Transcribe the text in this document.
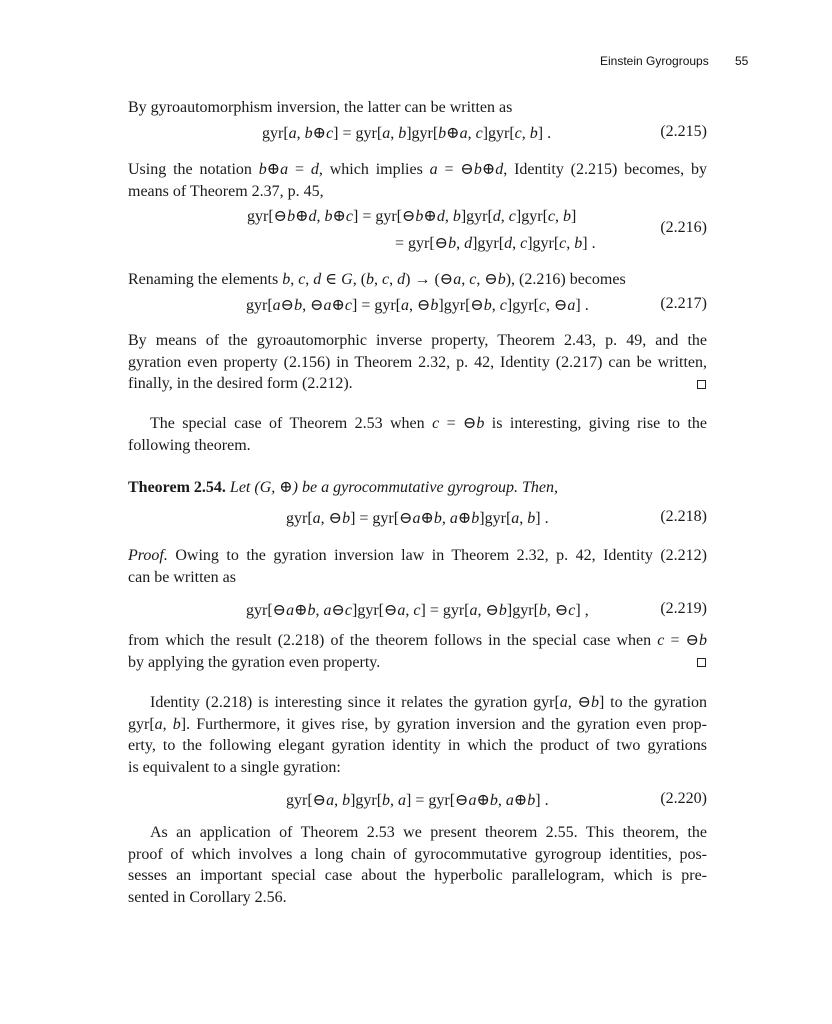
Einstein Gyrogroups 55
By gyroautomorphism inversion, the latter can be written as
gyr[a, b⊕c] = gyr[a, b]gyr[b⊕a, c]gyr[c, b] .	(2.215)
Using the notation b⊕a = d, which implies a = ⊖b⊕d, Identity (2.215) becomes, by
means of Theorem 2.37, p. 45,
gyr[⊖b⊕d, b⊕c] = gyr[⊖b⊕d, b]gyr[d, c]gyr[c, b]
= gyr[⊖b, d]gyr[d, c]gyr[c, b] .
(2.216)
Renaming the elements b, c, d ∈ G, (b, c, d) → (⊖a, c, ⊖b), (2.216) becomes
gyr[a⊖b, ⊖a⊕c] = gyr[a, ⊖b]gyr[⊖b, c]gyr[c, ⊖a] .	(2.217)
By means of the gyroautomorphic inverse property, Theorem 2.43, p. 49, and the
gyration even property (2.156) in Theorem 2.32, p. 42, Identity (2.217) can be written,
finally, in the desired form (2.212).
The special case of Theorem 2.53 when c = ⊖b is interesting, giving rise to the
following theorem.
Theorem 2.54. Let (G, ⊕) be a gyrocommutative gyrogroup. Then,
gyr[a, ⊖b] = gyr[⊖a⊕b, a⊕b]gyr[a, b] .	(2.218)
Proof. Owing to the gyration inversion law in Theorem 2.32, p. 42, Identity (2.212)
can be written as
gyr[⊖a⊕b, a⊖c]gyr[⊖a, c] = gyr[a, ⊖b]gyr[b, ⊖c] ,	(2.219)
from which the result (2.218) of the theorem follows in the special case when c = ⊖b
by applying the gyration even property.
Identity (2.218) is interesting since it relates the gyration gyr[a, ⊖b] to the gyration
gyr[a, b]. Furthermore, it gives rise, by gyration inversion and the gyration even prop-
erty, to the following elegant gyration identity in which the product of two gyrations
is equivalent to a single gyration:
gyr[⊖a, b]gyr[b, a] = gyr[⊖a⊕b, a⊕b] .	(2.220)
As an application of Theorem 2.53 we present theorem 2.55. This theorem, the
proof of which involves a long chain of gyrocommutative gyrogroup identities, pos-
sesses an important special case about the hyperbolic parallelogram, which is pre-
sented in Corollary 2.56.
